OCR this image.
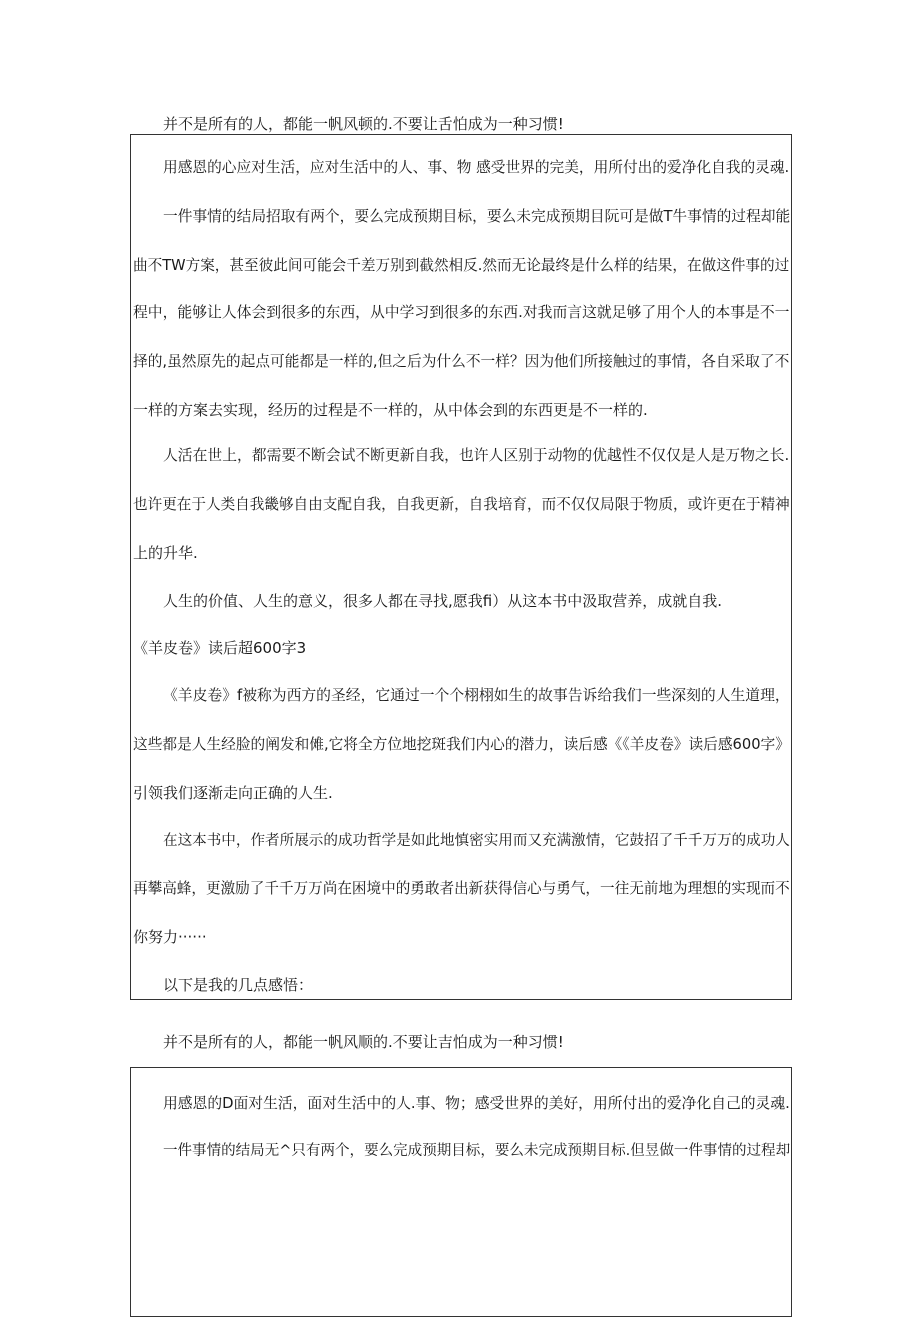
并不是所有的人，都能一帆风顿的.不要让舌怕成为一种习惯!
用感恩的心应对生活，应对生活中的人、事、物 感受世界的完美，用所付出的爱净化自我的灵魂.
一件事情的结局招取有两个，要么完成预期目标，要么未完成预期目阮可是做T牛事情的过程却能
曲不TW方案，甚至彼此间可能会千差万别到截然相反.然而无论最终是什么样的结果，在做这件事的过
程中，能够让人体会到很多的东西，从中学习到很多的东西.对我而言这就足够了用个人的本事是不一
择的,虽然原先的起点可能都是一样的,但之后为什么不一样？因为他们所接触过的事情，各自采取了不
一样的方案去实现，经历的过程是不一样的，从中体会到的东西更是不一样的.
人活在世上，都需要不断会试不断更新自我，也许人区别于动物的优越性不仅仅是人是万物之长.
也许更在于人类自我畿够自由支配自我，自我更新，自我培育，而不仅仅局限于物质，或许更在于精神
上的升华.
人生的价值、人生的意义，很多人都在寻找,愿我fi）从这本书中汲取营养，成就自我.
《羊皮卷》读后超600字3
《羊皮卷》f被称为西方的圣经，它通过一个个栩栩如生的故事告诉给我们一些深刻的人生道理，
这些都是人生经脸的阐发和傩,它将全方位地挖斑我们内心的潜力，读后感《《羊皮卷》读后感600字》
引领我们逐渐走向正确的人生.
在这本书中，作者所展示的成功哲学是如此地慎密实用而又充满激情，它鼓招了千千万万的成功人
再攀高蜂，更激励了千千万万尚在困境中的勇敢者出新获得信心与勇气，一往无前地为理想的实现而不
你努力······
以下是我的几点感悟：
并不是所有的人，都能一帆风顺的.不要让吉怕成为一种习惯!
用感恩的D面对生活，面对生活中的人.事、物；感受世界的美好，用所付出的爱净化自己的灵魂.
一件事情的结局无^只有两个，要么完成预期目标，要么未完成预期目标.但昱做一件事情的过程却
